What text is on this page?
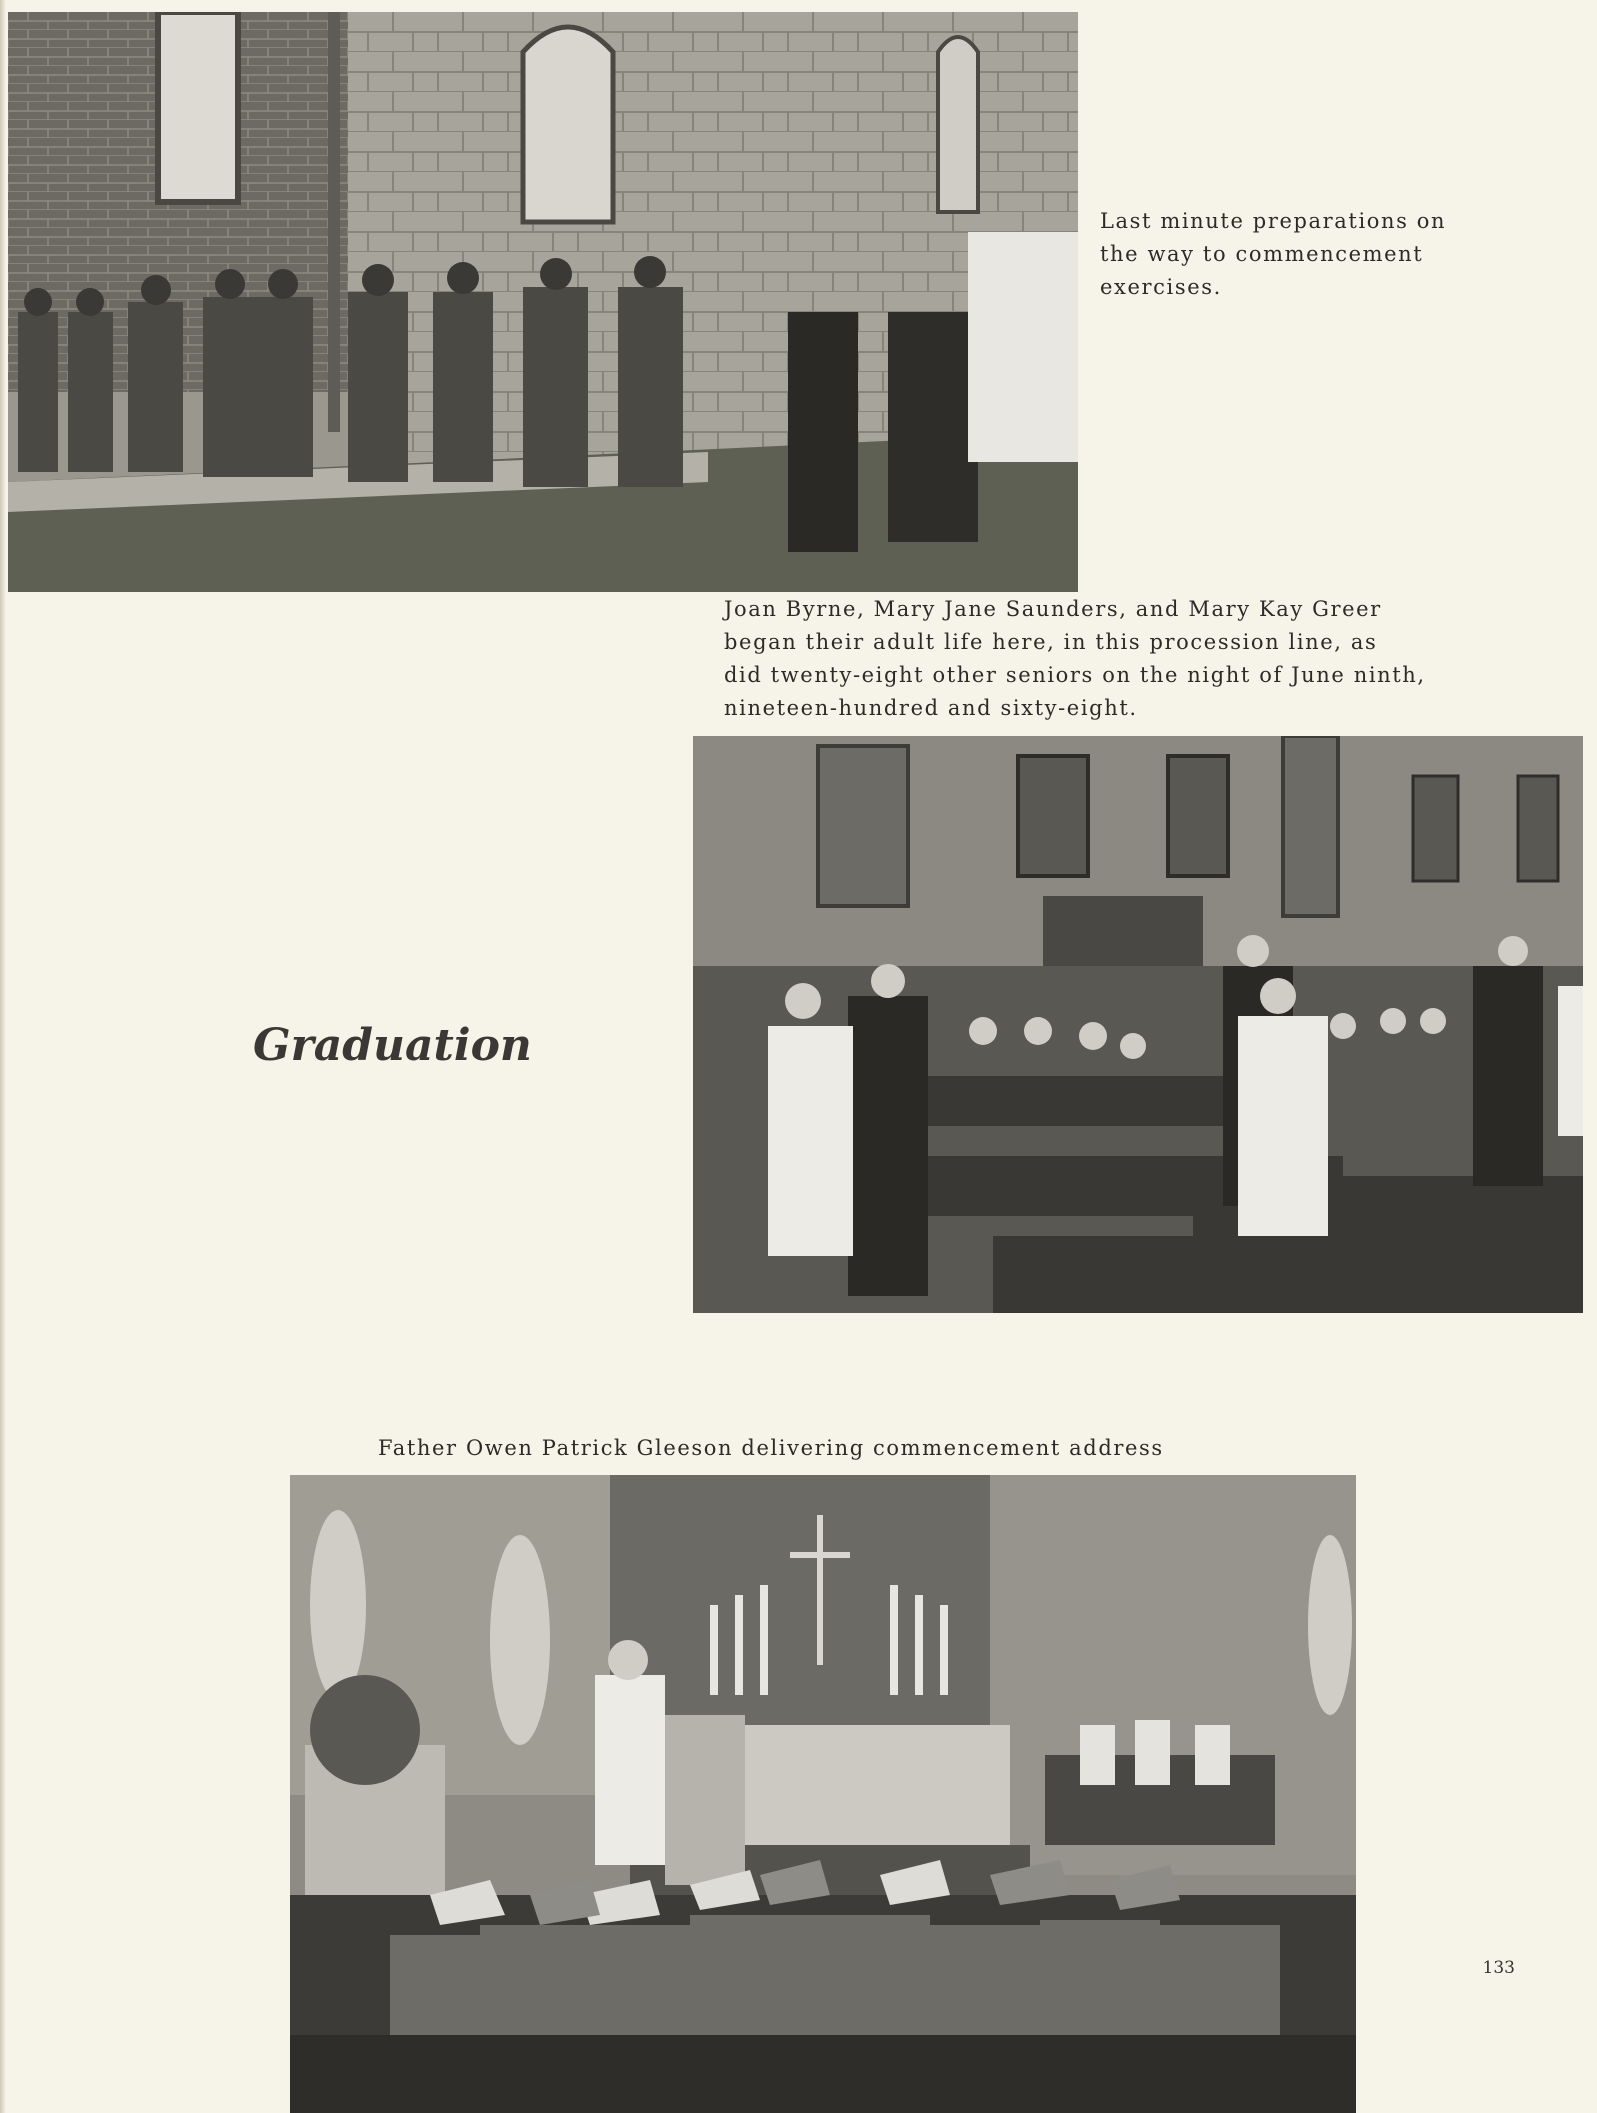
Last minute preparations on
the way to commencement
exercises.
Joan Byrne, Mary Jane Saunders, and Mary Kay Greer
began their adult life here, in this procession line, as
did twenty-eight other seniors on the night of June ninth,
nineteen-hundred and sixty-eight.
Graduation
Father Owen Patrick Gleeson delivering commencement address
133
